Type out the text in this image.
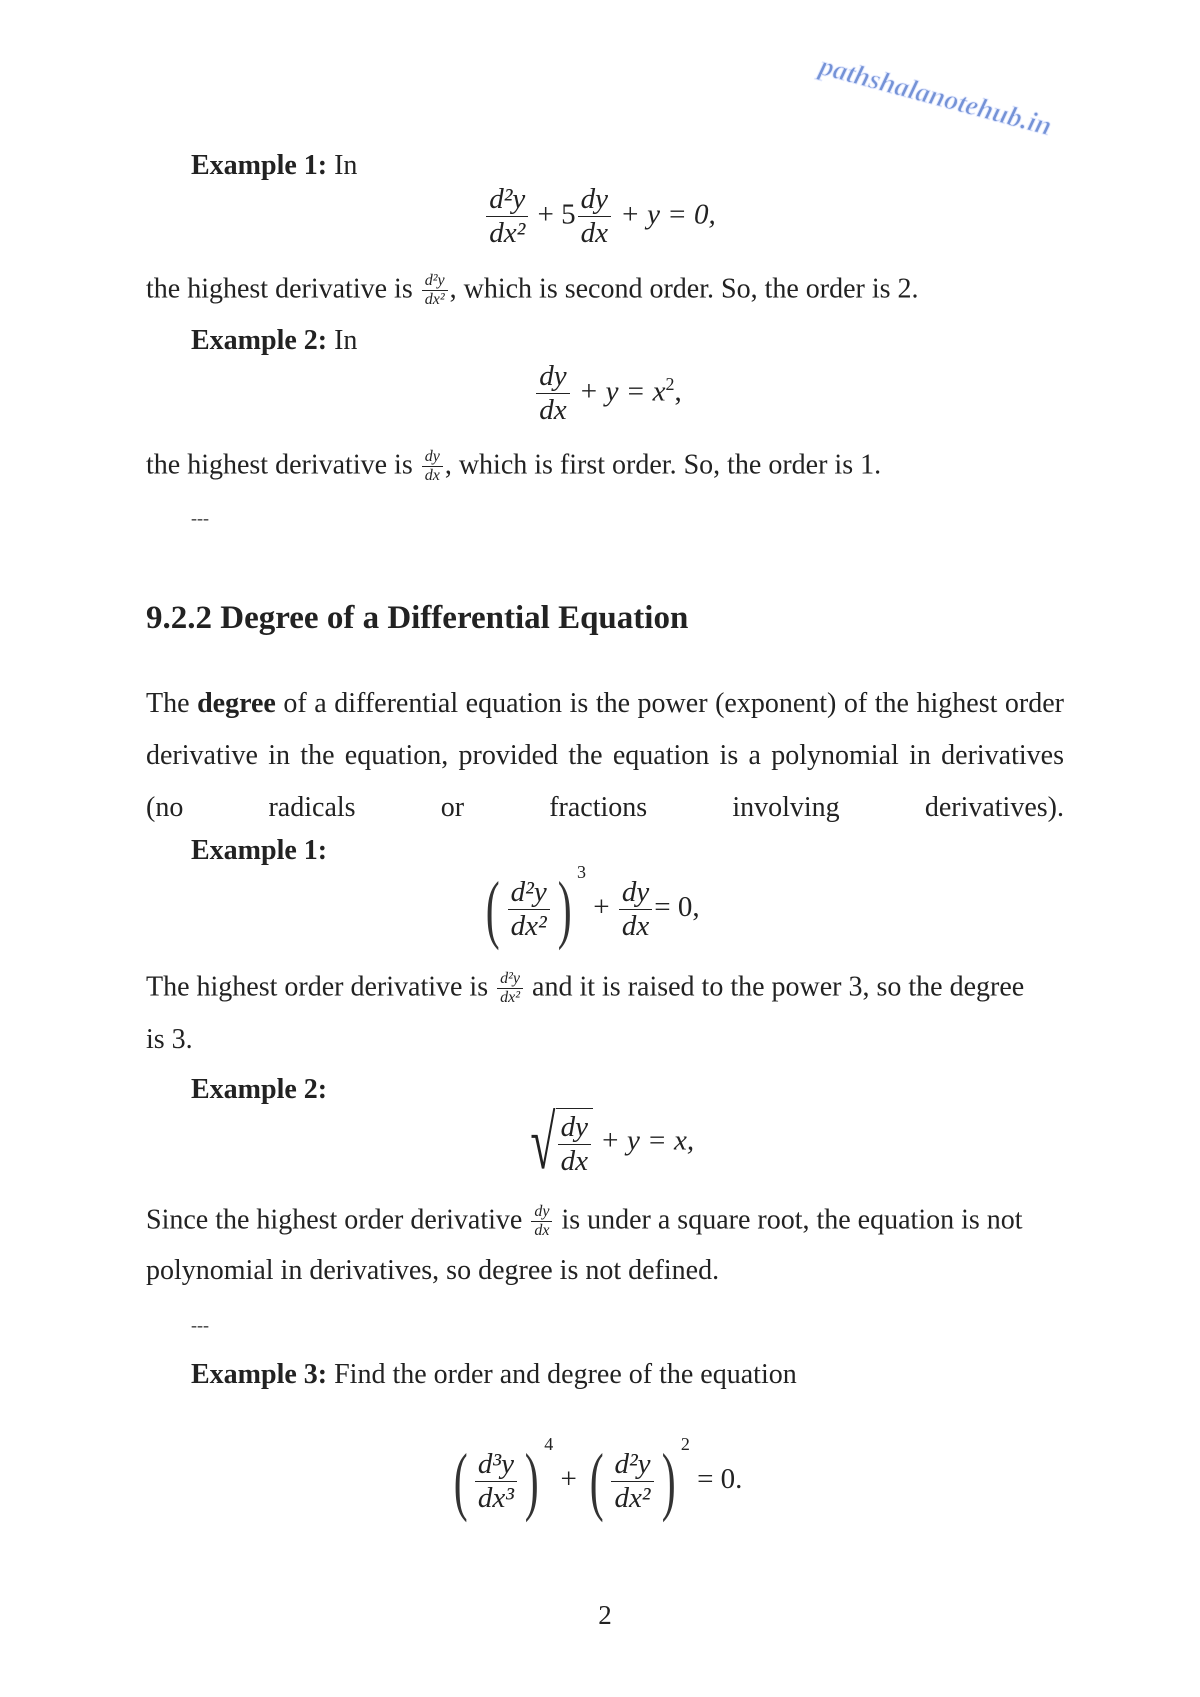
Example 1: In
$\frac{\text{d²y}}{\text{dx²}} + 5 \frac{dy}{dx} + y = 0$,
the highest derivative is $\frac{\text{d²y}}{\text{dx²}}$ , which is second order. So, the order is 2.
Example 2: In
$\frac{dy}{dx} + y = x^2$,
the highest derivative is $\frac{dy}{dx}$ , which is first order. So, the order is 1.
---
9.2.2 Degree of a Differential Equation
The degree of a differential equation is the power (exponent) of the highest order derivative in the equation, provided the equation is a polynomial in derivatives (no radicals or fractions involving derivatives).
Example 1:
( $\frac{\text{d²y}}{\text{dx²}}$ ) $^3 + \frac{dy}{dx} = 0$,
The highest order derivative is $\frac{\text{d²y}}{\text{dx²}}$ and it is raised to the power 3, so the degree
is 3.
Example 2:
√ $\frac{dy}{dx} + y = x$,
Since the highest order derivative $\frac{dy}{dx}$ is under a square root, the equation is not
polynomial in derivatives, so degree is not defined.
---
Example 3: Find the order and degree of the equation
( $\frac{\text{d³y}}{\text{dx³}}$ ) $^4$ + ( $\frac{\text{d²y}}{\text{dx²}}$ ) $^2$ = 0.
2
pathshalanotehub.in
